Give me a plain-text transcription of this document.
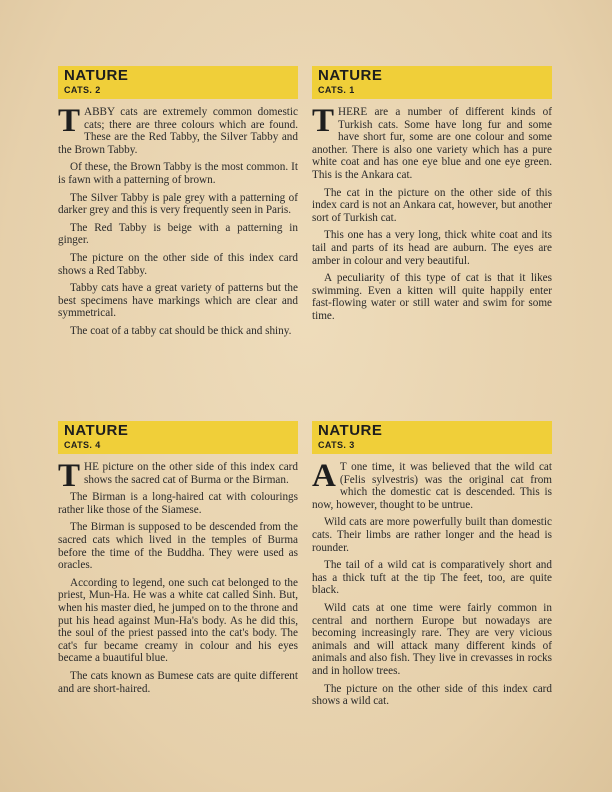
NATURE
CATS. 2

TABBY cats are extremely common domestic cats; there are three colours which are found. These are the Red Tabby, the Silver Tabby and the Brown Tabby.

Of these, the Brown Tabby is the most common. It is fawn with a patterning of brown.

The Silver Tabby is pale grey with a patterning of darker grey and this is very frequently seen in Paris.

The Red Tabby is beige with a patterning in ginger.

The picture on the other side of this index card shows a Red Tabby.

Tabby cats have a great variety of patterns but the best specimens have markings which are clear and symmetrical.

The coat of a tabby cat should be thick and shiny.

NATURE
CATS. 1

THERE are a number of different kinds of Turkish cats. Some have long fur and some have short fur, some are one colour and some another. There is also one variety which has a pure white coat and has one eye blue and one eye green. This is the Ankara cat.

The cat in the picture on the other side of this index card is not an Ankara cat, however, but another sort of Turkish cat.

This one has a very long, thick white coat and its tail and parts of its head are auburn. The eyes are amber in colour and very beautiful.

A peculiarity of this type of cat is that it likes swimming. Even a kitten will quite happily enter fast-flowing water or still water and swim for some time.

NATURE
CATS. 4

THE picture on the other side of this index card shows the sacred cat of Burma or the Birman.

The Birman is a long-haired cat with colourings rather like those of the Siamese.

The Birman is supposed to be descended from the sacred cats which lived in the temples of Burma before the time of the Buddha. They were used as oracles.

According to legend, one such cat belonged to the priest, Mun-Ha. He was a white cat called Sinh. But, when his master died, he jumped on to the throne and put his head against Mun-Ha's body. As he did this, the soul of the priest passed into the cat's body. The cat's fur became creamy in colour and his eyes became a buautiful blue.

The cats known as Bumese cats are quite different and are short-haired.

NATURE
CATS. 3

A T one time, it was believed that the wild cat (Felis sylvestris) was the original cat from which the domestic cat is descended. This is now, however, thought to be untrue.

Wild cats are more powerfully built than domestic cats. Their limbs are rather longer and the head is rounder.

The tail of a wild cat is comparatively short and has a thick tuft at the tip The feet, too, are quite black.

Wild cats at one time were fairly common in central and northern Europe but nowadays are becoming increasingly rare. They are very vicious animals and will attack many different kinds of animals and also fish. They live in crevasses in rocks and in hollow trees.

The picture on the other side of this index card shows a wild cat.
